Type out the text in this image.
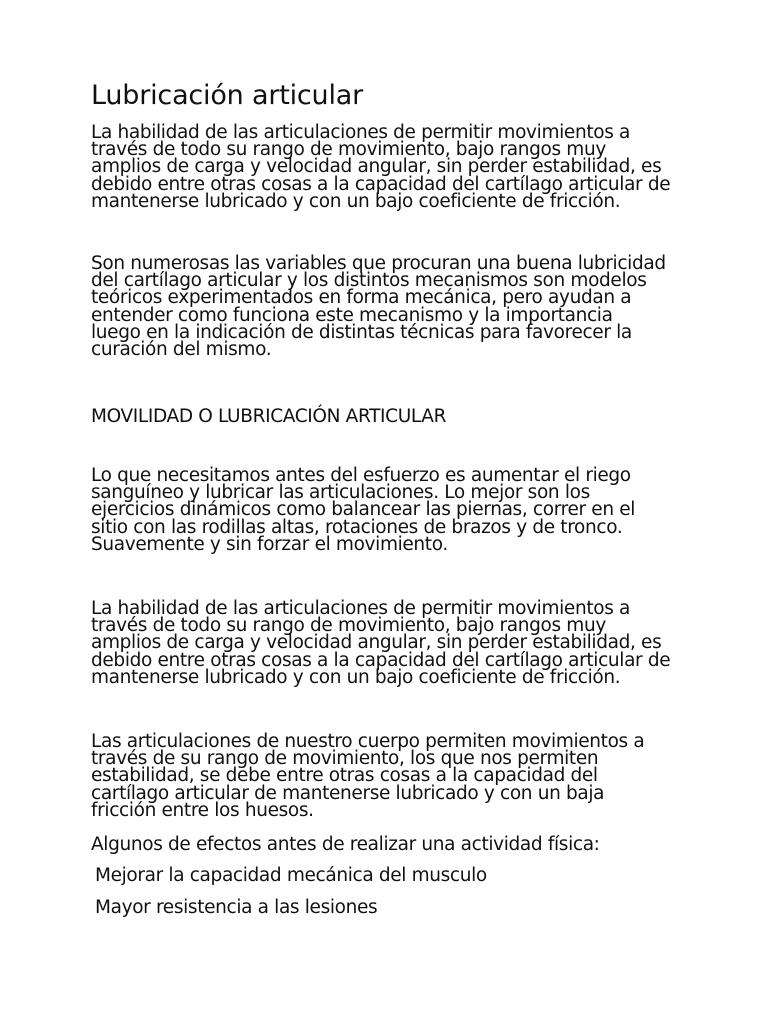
Lubricación articular

La habilidad de las articulaciones de permitir movimientos a
través de todo su rango de movimiento, bajo rangos muy
amplios de carga y velocidad angular, sin perder estabilidad, es
debido entre otras cosas a la capacidad del cartílago articular de
mantenerse lubricado y con un bajo coeficiente de fricción.

Son numerosas las variables que procuran una buena lubricidad
del cartílago articular y los distintos mecanismos son modelos
teóricos experimentados en forma mecánica, pero ayudan a
entender como funciona este mecanismo y la importancia
luego en la indicación de distintas técnicas para favorecer la
curación del mismo.

MOVILIDAD O LUBRICACIÓN ARTICULAR

Lo que necesitamos antes del esfuerzo es aumentar el riego
sanguíneo y lubricar las articulaciones. Lo mejor son los
ejercicios dinámicos como balancear las piernas, correr en el
sitio con las rodillas altas, rotaciones de brazos y de tronco.
Suavemente y sin forzar el movimiento.

La habilidad de las articulaciones de permitir movimientos a
través de todo su rango de movimiento, bajo rangos muy
amplios de carga y velocidad angular, sin perder estabilidad, es
debido entre otras cosas a la capacidad del cartílago articular de
mantenerse lubricado y con un bajo coeficiente de fricción.

Las articulaciones de nuestro cuerpo permiten movimientos a
través de su rango de movimiento, los que nos permiten
estabilidad, se debe entre otras cosas a la capacidad del
cartílago articular de mantenerse lubricado y con un baja
fricción entre los huesos.

Algunos de efectos antes de realizar una actividad física:

Mejorar la capacidad mecánica del musculo

Mayor resistencia a las lesiones
